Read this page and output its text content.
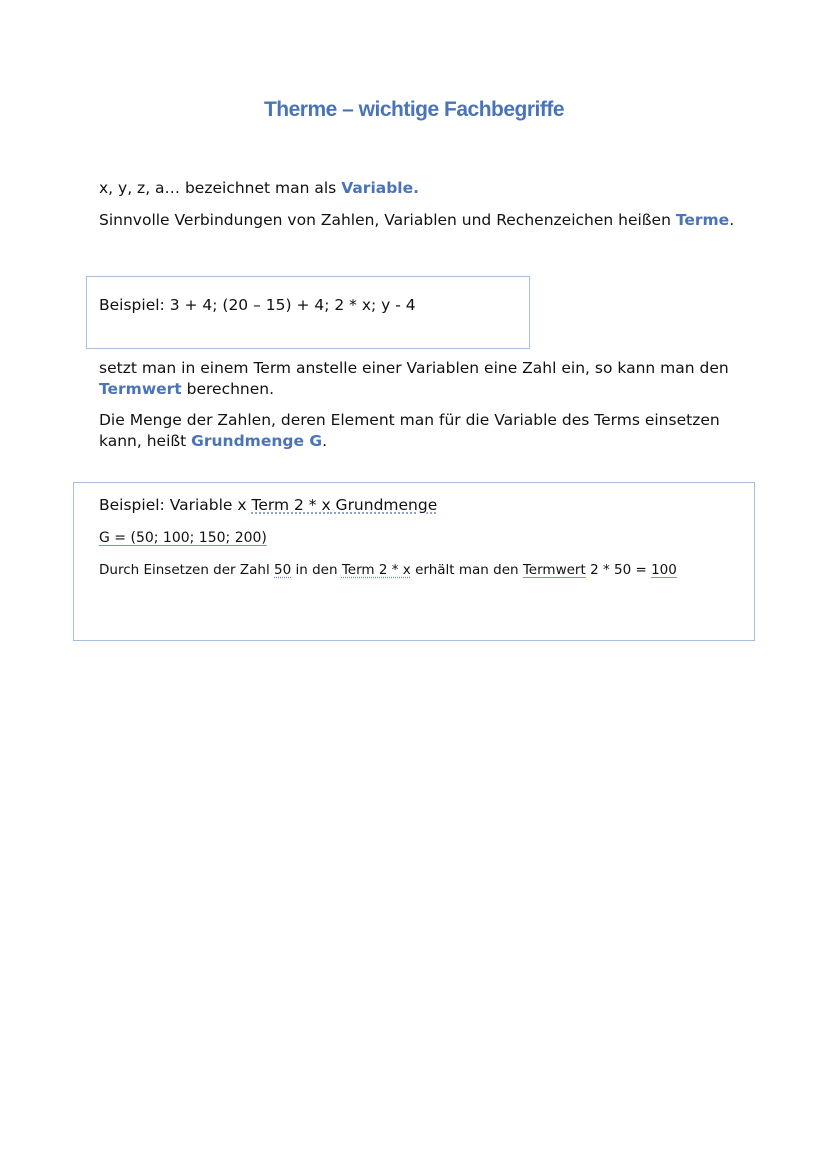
Therme – wichtige Fachbegriffe
x, y, z, a… bezeichnet man als Variable.
Sinnvolle Verbindungen von Zahlen, Variablen und Rechenzeichen heißen Terme.
Beispiel: 3 + 4; (20 – 15) + 4; 2 * x; y - 4
setzt man in einem Term anstelle einer Variablen eine Zahl ein, so kann man den Termwert berechnen.
Die Menge der Zahlen, deren Element man für die Variable des Terms einsetzen kann, heißt Grundmenge G.
Beispiel: Variable x Term 2 * x Grundmenge
G = (50; 100; 150; 200)
Durch Einsetzen der Zahl 50 in den Term 2 * x erhält man den Termwert 2 * 50 = 100
